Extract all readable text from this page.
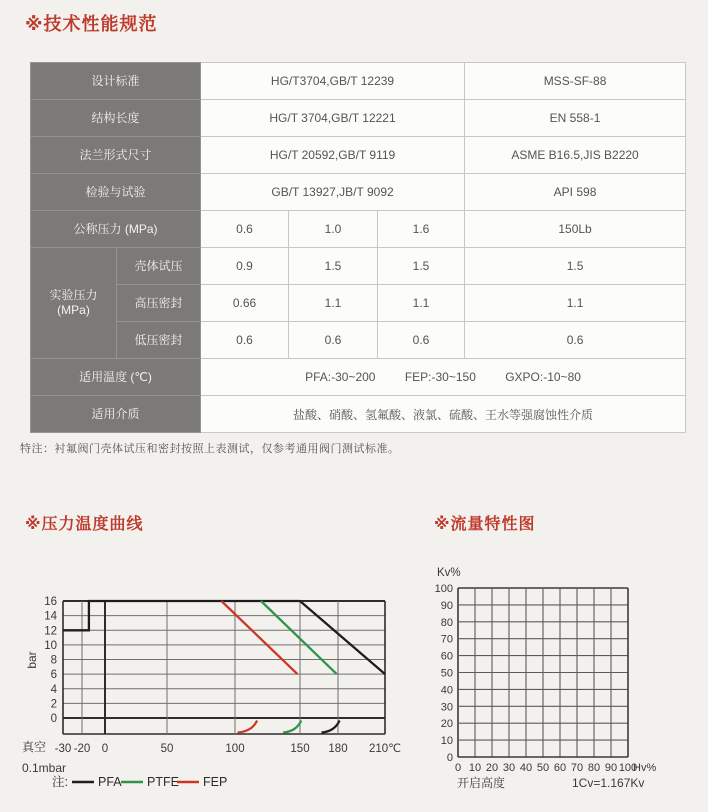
※技术性能规范
设计标准		HG/T3704,GB/T 12239			MSS-SF-88
结构长度		HG/T 3704,GB/T 12221			EN 558-1
法兰形式尺寸		HG/T 20592,GB/T 9119			ASME B16.5,JIS B2220
检验与试验		GB/T 13927,JB/T 9092			API 598
公称压力 (MPa)		0.6	1.0	1.6	150Lb
实验压力 (MPa)	壳体试压	0.9	1.5	1.5	1.5
	高压密封	0.66	1.1	1.1	1.1
	低压密封	0.6	0.6	0.6	0.6
适用温度 (℃)		PFA:-30~200 FEP:-30~150 GXPO:-10~80			
适用介质		盐酸、硝酸、氢氟酸、液氯、硫酸、王水等强腐蚀性介质			

特注：衬氟阀门壳体试压和密封按照上表测试，仅参考通用阀门测试标准。

※压力温度曲线	※流量特性图
16
14
12
10
8
6
4
2
0
-30 -20 0	50	100	150 180 210℃
bar
真空
0.1mbar
注: PFA PTFE FEP
Kv%
100
90
80
70
60
50
40
30
20
10
0
0 10 20 30 40 50 60 70 80 90 100
Hv%
开启高度	1Cv=1.167Kv
